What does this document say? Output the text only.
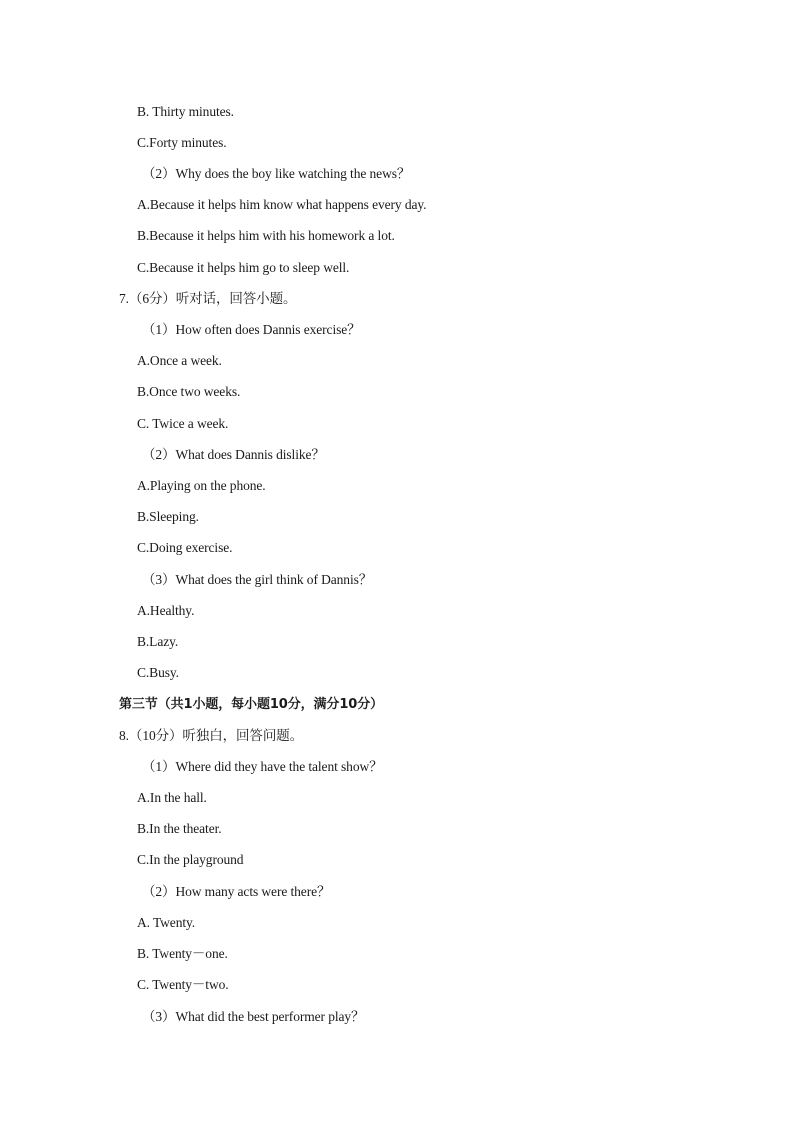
B. Thirty minutes.
C.Forty minutes.
（2）Why does the boy like watching the news？
A.Because it helps him know what happens every day.
B.Because it helps him with his homework a lot.
C.Because it helps him go to sleep well.
7.（6分）听对话，回答小题。
（1）How often does Dannis exercise？
A.Once a week.
B.Once two weeks.
C. Twice a week.
（2）What does Dannis dislike？
A.Playing on the phone.
B.Sleeping.
C.Doing exercise.
（3）What does the girl think of Dannis？
A.Healthy.
B.Lazy.
C.Busy.
第三节（共1小题，每小题10分，满分10分）
8.（10分）听独白，回答问题。
（1）Where did they have the talent show？
A.In the hall.
B.In the theater.
C.In the playground
（2）How many acts were there？
A. Twenty.
B. Twenty－one.
C. Twenty－two.
（3）What did the best performer play？
